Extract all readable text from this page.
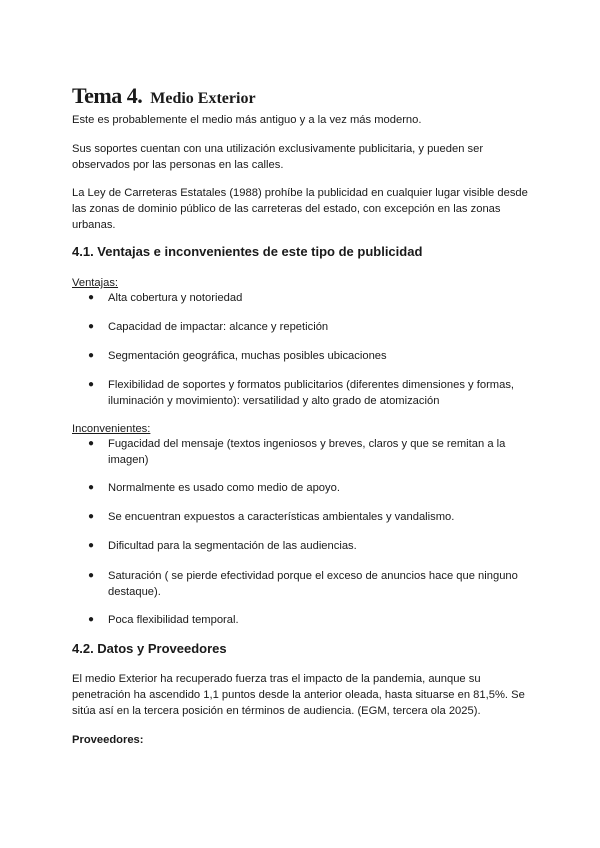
Tema 4. Medio Exterior

Este es probablemente el medio más antiguo y a la vez más moderno.

Sus soportes cuentan con una utilización exclusivamente publicitaria, y pueden ser observados por las personas en las calles.

La Ley de Carreteras Estatales (1988) prohíbe la publicidad en cualquier lugar visible desde las zonas de dominio público de las carreteras del estado, con excepción en las zonas urbanas.

4.1. Ventajas e inconvenientes de este tipo de publicidad

Ventajas:

● Alta cobertura y notoriedad
● Capacidad de impactar: alcance y repetición
● Segmentación geográfica, muchas posibles ubicaciones
● Flexibilidad de soportes y formatos publicitarios (diferentes dimensiones y formas, iluminación y movimiento): versatilidad y alto grado de atomización

Inconvenientes:

● Fugacidad del mensaje (textos ingeniosos y breves, claros y que se remitan a la imagen)
● Normalmente es usado como medio de apoyo.
● Se encuentran expuestos a características ambientales y vandalismo.
● Dificultad para la segmentación de las audiencias.
● Saturación ( se pierde efectividad porque el exceso de anuncios hace que ninguno destaque).
● Poca flexibilidad temporal.
4.2. Datos y Proveedores

El medio Exterior ha recuperado fuerza tras el impacto de la pandemia, aunque su penetración ha ascendido 1,1 puntos desde la anterior oleada, hasta situarse en 81,5%. Se sitúa así en la tercera posición en términos de audiencia. (EGM, tercera ola 2025).

Proveedores:
